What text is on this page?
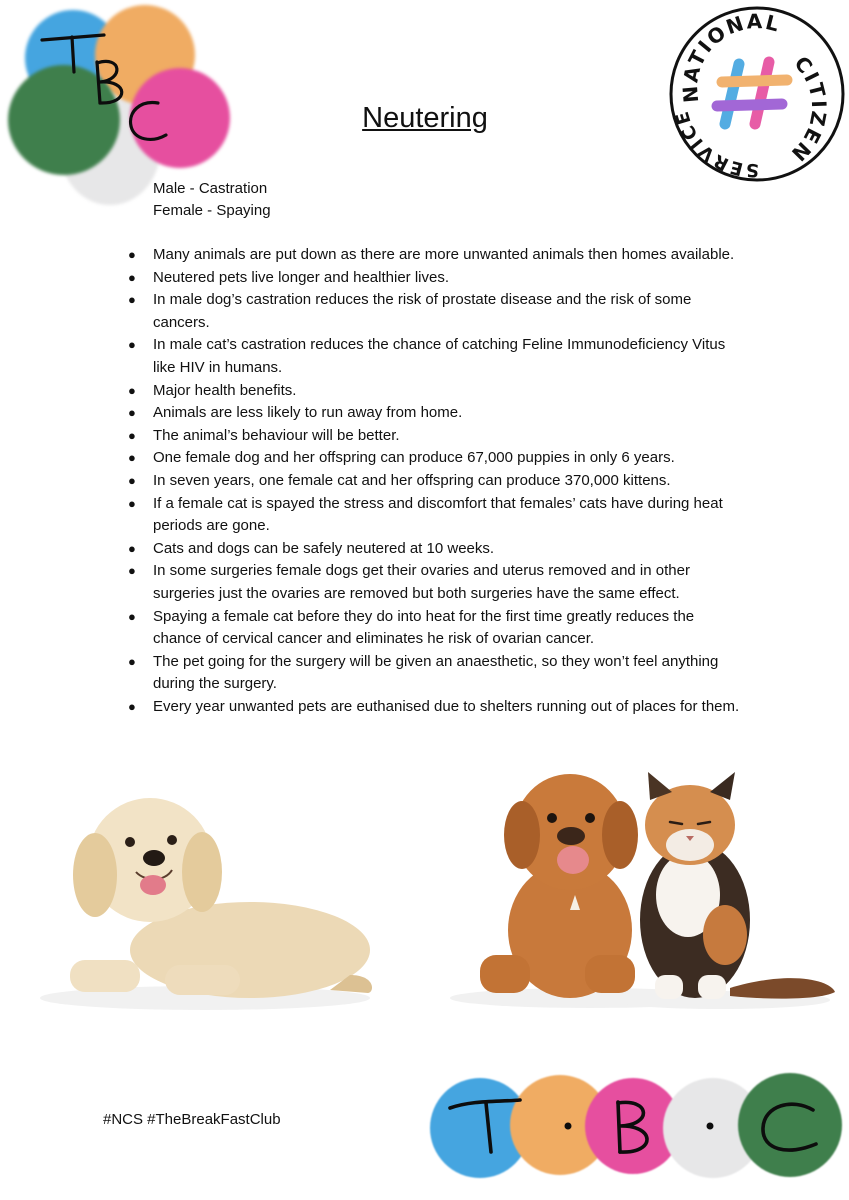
NATIONAL
CITIZEN
SERVICE
Neutering
Male - Castration
Female - Spaying
● Many animals are put down as there are more unwanted animals then homes available.
● Neutered pets live longer and healthier lives.
● In male dog’s castration reduces the risk of prostate disease and the risk of some cancers.
● In male cat’s castration reduces the chance of catching Feline Immunodeficiency Vitus like HIV in humans.
● Major health benefits.
● Animals are less likely to run away from home.
● The animal’s behaviour will be better.
● One female dog and her offspring can produce 67,000 puppies in only 6 years.
● In seven years, one female cat and her offspring can produce 370,000 kittens.
● If a female cat is spayed the stress and discomfort that females’ cats have during heat periods are gone.
● Cats and dogs can be safely neutered at 10 weeks.
● In some surgeries female dogs get their ovaries and uterus removed and in other surgeries just the ovaries are removed but both surgeries have the same effect.
● Spaying a female cat before they do into heat for the first time greatly reduces the chance of cervical cancer and eliminates he risk of ovarian cancer.
● The pet going for the surgery will be given an anaesthetic, so they won’t feel anything during the surgery.
● Every year unwanted pets are euthanised due to shelters running out of places for them.
#NCS #TheBreakFastClub
